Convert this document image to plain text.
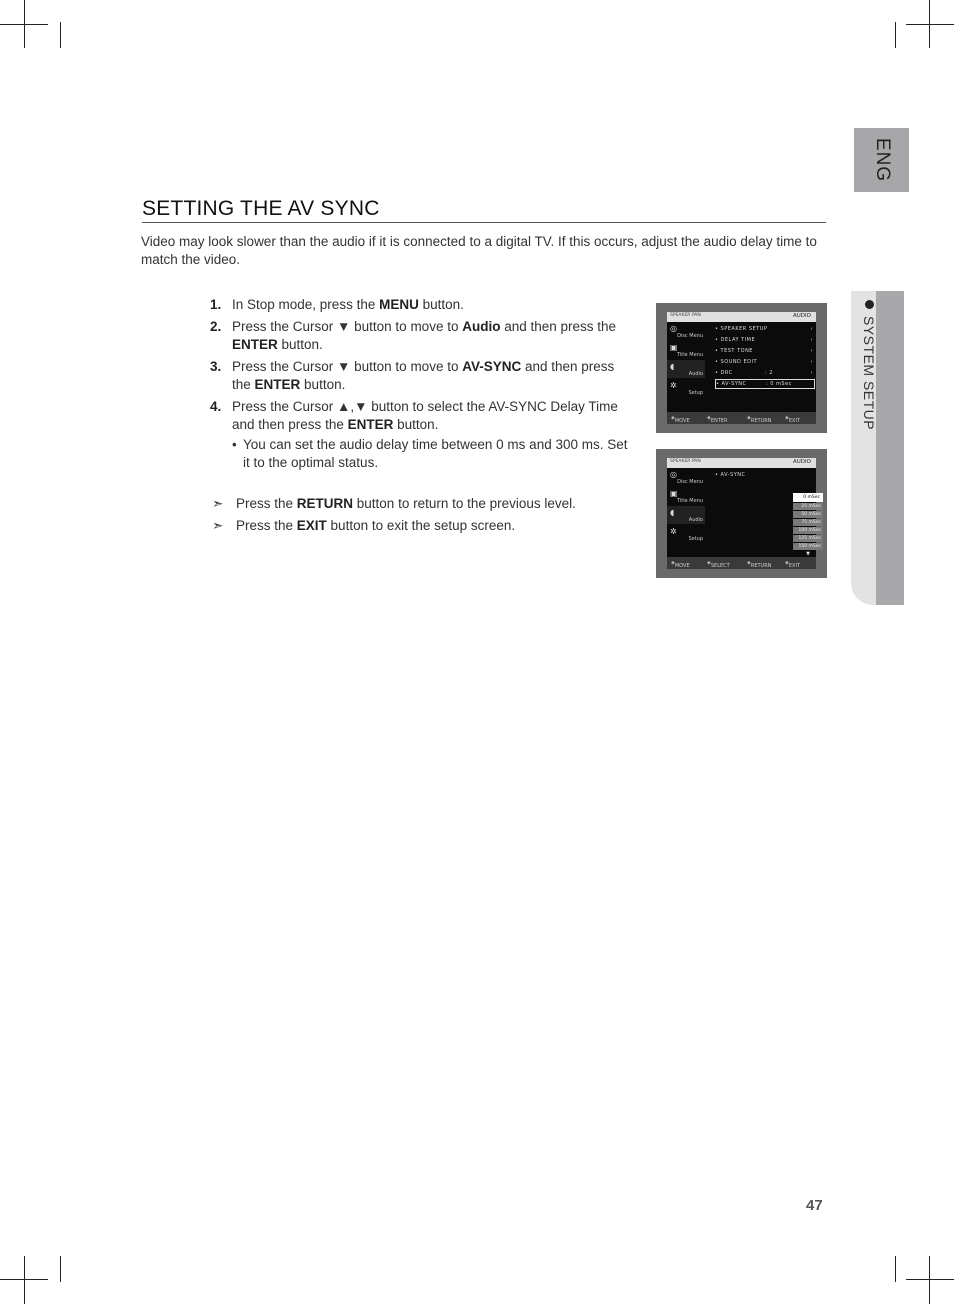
ENG
SYSTEM SETUP
SETTING THE AV SYNC
Video may look slower than the audio if it is connected to a digital TV. If this occurs, adjust the audio delay time to match the video.
1. In Stop mode, press the MENU button.
2. Press the Cursor ▼ button to move to Audio and then press the ENTER button.
3. Press the Cursor ▼ button to move to AV-SYNC and then press the ENTER button.
4. Press the Cursor ▲,▼ button to select the AV-SYNC Delay Time and then press the ENTER button.
• You can set the audio delay time between 0 ms and 300 ms. Set it to the optimal status.
➣ Press the RETURN button to return to the previous level.
➣ Press the EXIT button to exit the setup screen.
SPEAKER PAN	AUDIO
◎
Disc Menu
▣
Title Menu
◖
Audio
✲
Setup
• SPEAKER SETUP	›
• DELAY TIME	›
• TEST TONE	›
• SOUND EDIT	›
• DRC	: 2	›
• AV-SYNC	: 0 mSec
◈ MOVE	◈ ENTER	◈ RETURN	◈ EXIT
SPEAKER PAN	AUDIO
◎
Disc Menu
▣
Title Menu
◖
Audio
✲
Setup
• AV-SYNC
0 mSec
25 mSec
50 mSec
75 mSec
100 mSec
125 mSec
150 mSec
▼
◈ MOVE	◈ SELECT	◈ RETURN	◈ EXIT
47
